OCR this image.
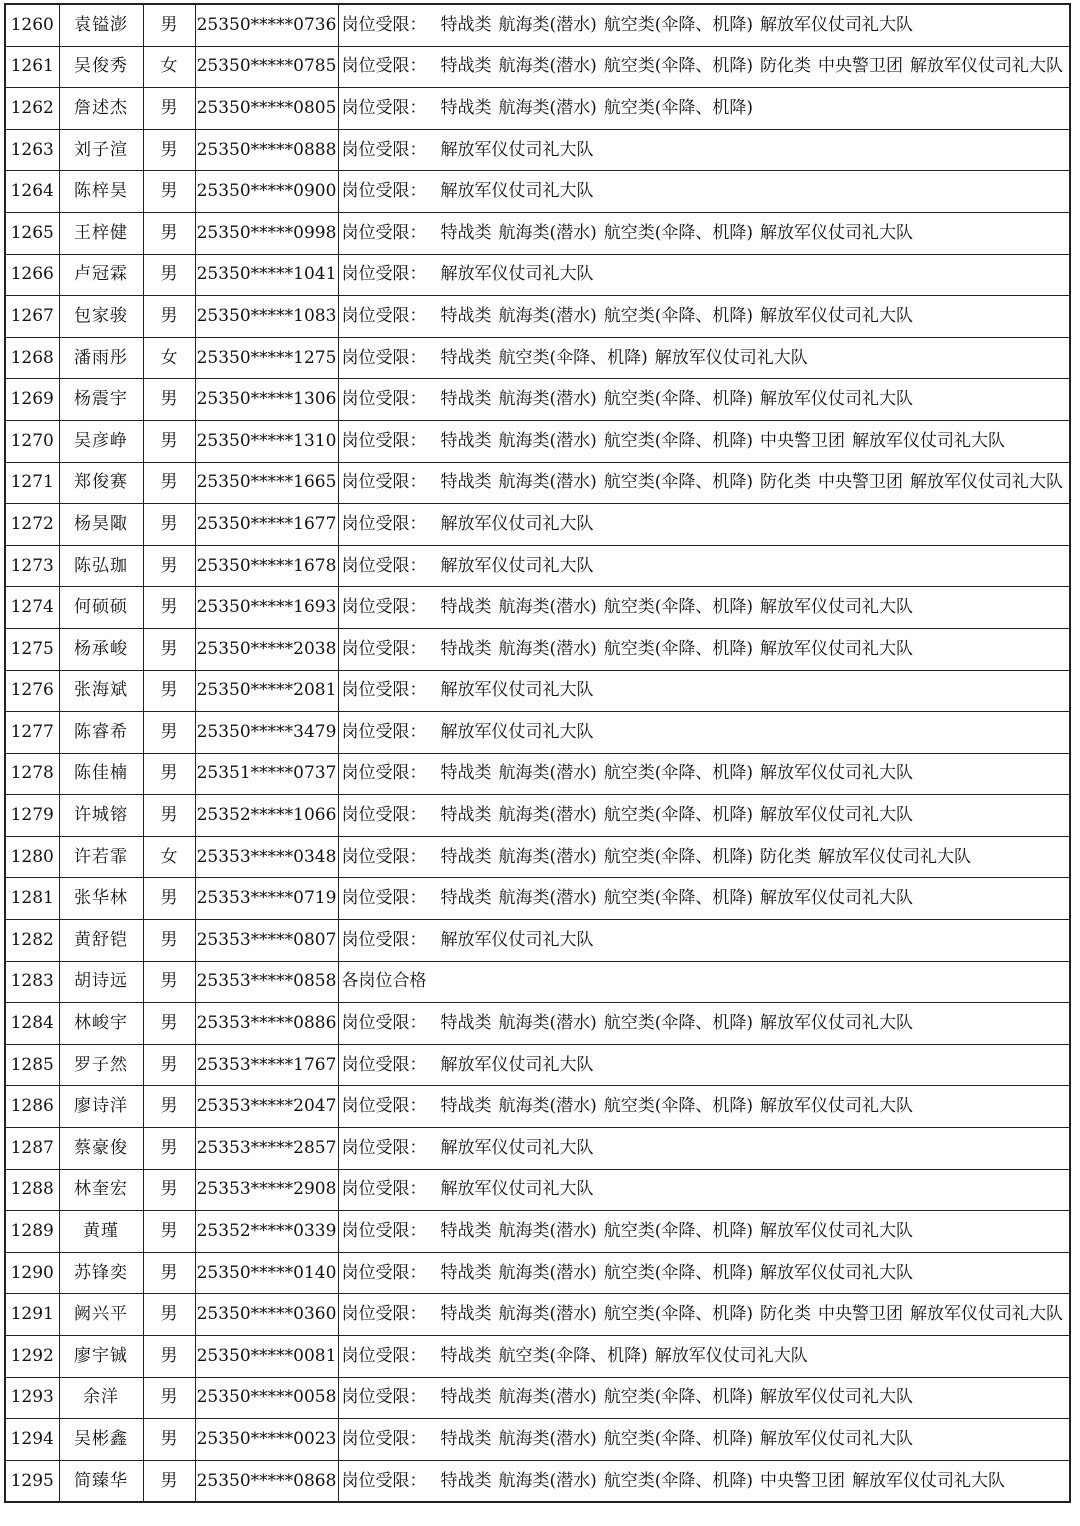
1260	袁镒澎	男	25350*****0736	岗位受限： 特战类 航海类(潜水) 航空类(伞降、机降) 解放军仪仗司礼大队
1261	吴俊秀	女	25350*****0785	岗位受限： 特战类 航海类(潜水) 航空类(伞降、机降) 防化类 中央警卫团 解放军仪仗司礼大队
1262	詹述杰	男	25350*****0805	岗位受限： 特战类 航海类(潜水) 航空类(伞降、机降)
1263	刘子渲	男	25350*****0888	岗位受限： 解放军仪仗司礼大队
1264	陈梓昊	男	25350*****0900	岗位受限： 解放军仪仗司礼大队
1265	王梓健	男	25350*****0998	岗位受限： 特战类 航海类(潜水) 航空类(伞降、机降) 解放军仪仗司礼大队
1266	卢冠霖	男	25350*****1041	岗位受限： 解放军仪仗司礼大队
1267	包家骏	男	25350*****1083	岗位受限： 特战类 航海类(潜水) 航空类(伞降、机降) 解放军仪仗司礼大队
1268	潘雨彤	女	25350*****1275	岗位受限： 特战类 航空类(伞降、机降) 解放军仪仗司礼大队
1269	杨震宇	男	25350*****1306	岗位受限： 特战类 航海类(潜水) 航空类(伞降、机降) 解放军仪仗司礼大队
1270	吴彦峥	男	25350*****1310	岗位受限： 特战类 航海类(潜水) 航空类(伞降、机降) 中央警卫团 解放军仪仗司礼大队
1271	郑俊赛	男	25350*****1665	岗位受限： 特战类 航海类(潜水) 航空类(伞降、机降) 防化类 中央警卫团 解放军仪仗司礼大队
1272	杨昊陬	男	25350*****1677	岗位受限： 解放军仪仗司礼大队
1273	陈弘珈	男	25350*****1678	岗位受限： 解放军仪仗司礼大队
1274	何硕硕	男	25350*****1693	岗位受限： 特战类 航海类(潜水) 航空类(伞降、机降) 解放军仪仗司礼大队
1275	杨承峻	男	25350*****2038	岗位受限： 特战类 航海类(潜水) 航空类(伞降、机降) 解放军仪仗司礼大队
1276	张海斌	男	25350*****2081	岗位受限： 解放军仪仗司礼大队
1277	陈睿希	男	25350*****3479	岗位受限： 解放军仪仗司礼大队
1278	陈佳楠	男	25351*****0737	岗位受限： 特战类 航海类(潜水) 航空类(伞降、机降) 解放军仪仗司礼大队
1279	许城镕	男	25352*****1066	岗位受限： 特战类 航海类(潜水) 航空类(伞降、机降) 解放军仪仗司礼大队
1280	许若霏	女	25353*****0348	岗位受限： 特战类 航海类(潜水) 航空类(伞降、机降) 防化类 解放军仪仗司礼大队
1281	张华林	男	25353*****0719	岗位受限： 特战类 航海类(潜水) 航空类(伞降、机降) 解放军仪仗司礼大队
1282	黄舒铠	男	25353*****0807	岗位受限： 解放军仪仗司礼大队
1283	胡诗远	男	25353*****0858	各岗位合格
1284	林峻宇	男	25353*****0886	岗位受限： 特战类 航海类(潜水) 航空类(伞降、机降) 解放军仪仗司礼大队
1285	罗子然	男	25353*****1767	岗位受限： 解放军仪仗司礼大队
1286	廖诗洋	男	25353*****2047	岗位受限： 特战类 航海类(潜水) 航空类(伞降、机降) 解放军仪仗司礼大队
1287	蔡豪俊	男	25353*****2857	岗位受限： 解放军仪仗司礼大队
1288	林奎宏	男	25353*****2908	岗位受限： 解放军仪仗司礼大队
1289	黄瑾	男	25352*****0339	岗位受限： 特战类 航海类(潜水) 航空类(伞降、机降) 解放军仪仗司礼大队
1290	苏锋奕	男	25350*****0140	岗位受限： 特战类 航海类(潜水) 航空类(伞降、机降) 解放军仪仗司礼大队
1291	阙兴平	男	25350*****0360	岗位受限： 特战类 航海类(潜水) 航空类(伞降、机降) 防化类 中央警卫团 解放军仪仗司礼大队
1292	廖宇铖	男	25350*****0081	岗位受限： 特战类 航空类(伞降、机降) 解放军仪仗司礼大队
1293	余洋	男	25350*****0058	岗位受限： 特战类 航海类(潜水) 航空类(伞降、机降) 解放军仪仗司礼大队
1294	吴彬鑫	男	25350*****0023	岗位受限： 特战类 航海类(潜水) 航空类(伞降、机降) 解放军仪仗司礼大队
1295	简臻华	男	25350*****0868	岗位受限： 特战类 航海类(潜水) 航空类(伞降、机降) 中央警卫团 解放军仪仗司礼大队
